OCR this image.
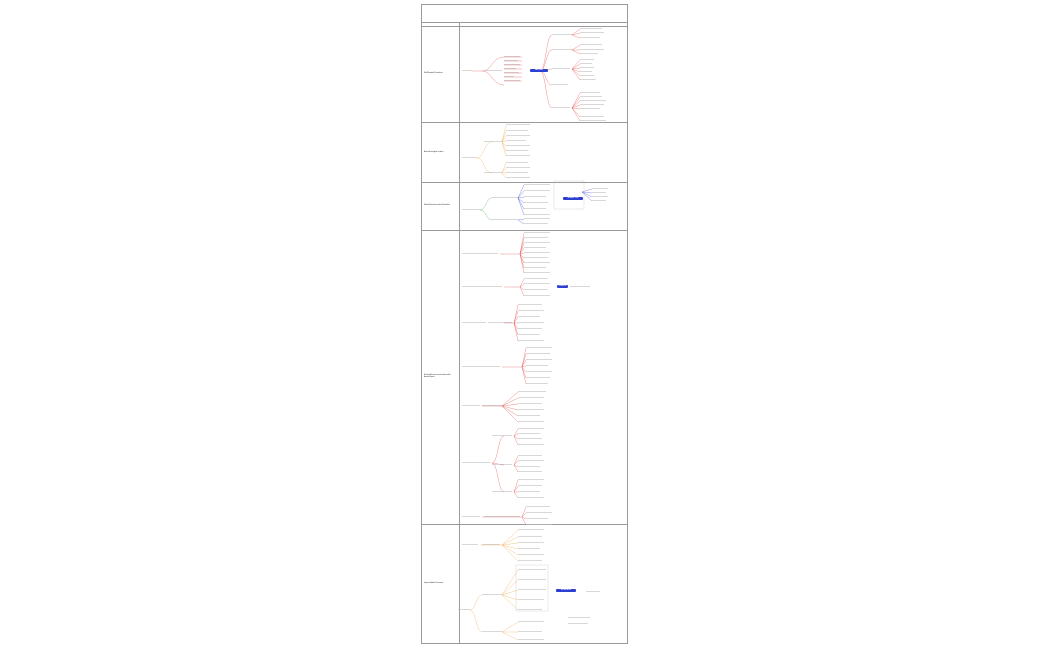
Risk/Respond Procedures
Assess/Investigate Incident
Monitor/Escalate Incident Resolution
Resolve/Recover from Incident and/or Assess/Report
Improve/Update Processes
RISK LEVEL
INCIDENT TYPE
COMPLETE
NOTIFICATION
